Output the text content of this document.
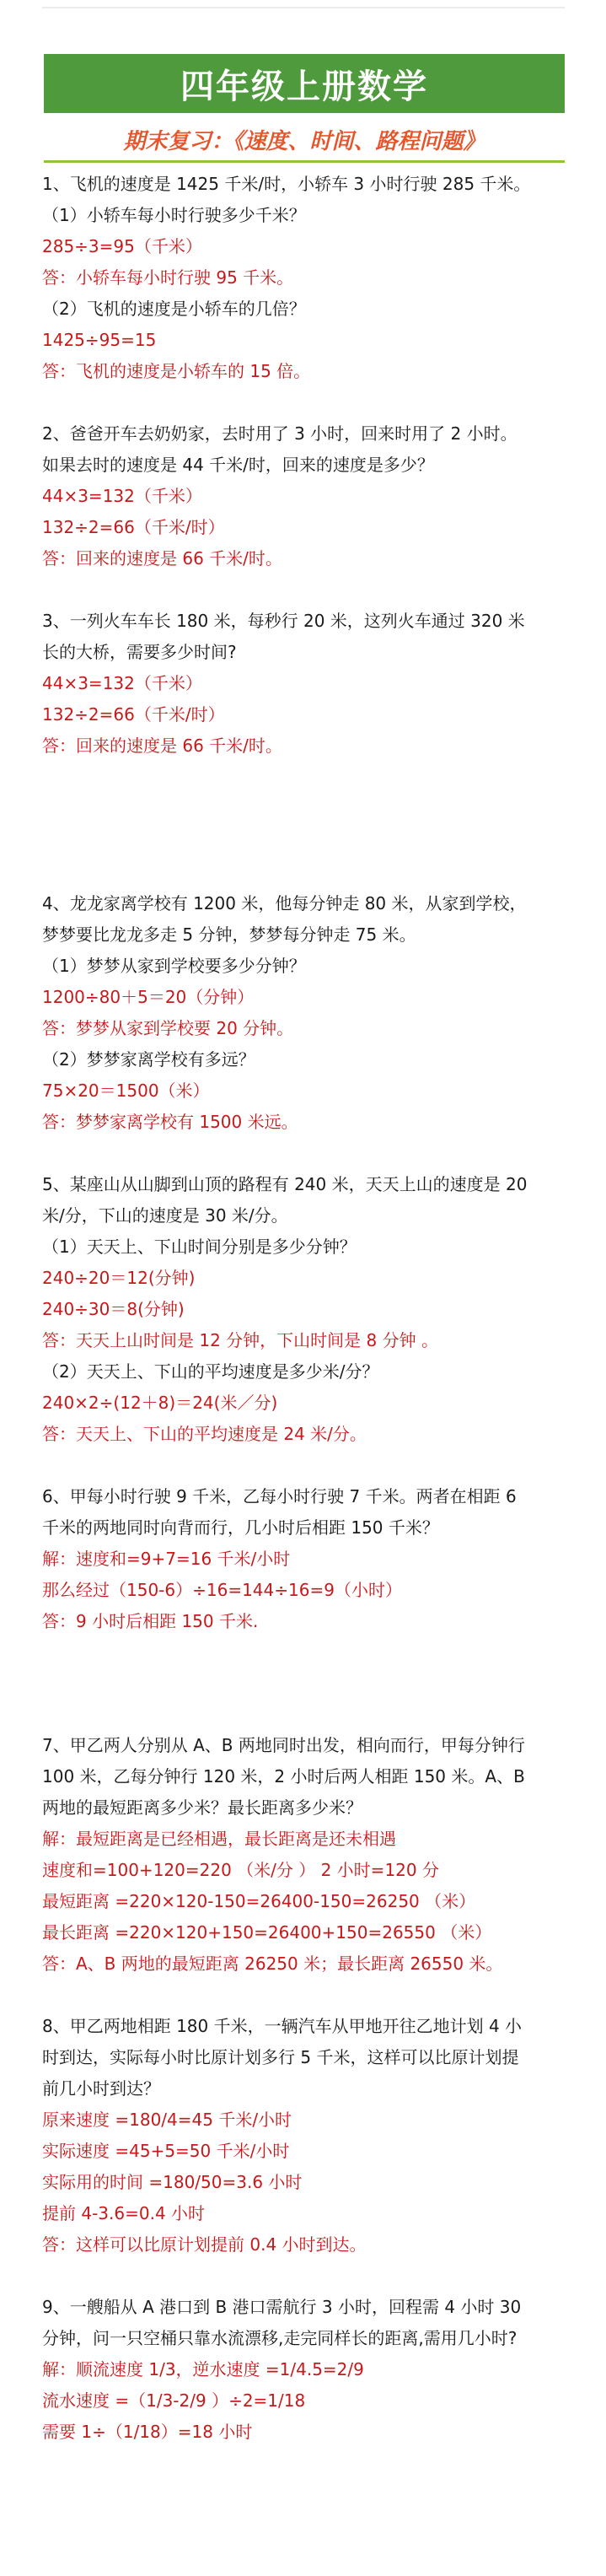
四年级上册数学
期末复习：《速度、时间、路程问题》
1、飞机的速度是 1425 千米/时，小轿车 3 小时行驶 285 千米。
（1）小轿车每小时行驶多少千米？
285÷3=95（千米）
答：小轿车每小时行驶 95 千米。
（2）飞机的速度是小轿车的几倍？
1425÷95=15
答：飞机的速度是小轿车的 15 倍。
2、爸爸开车去奶奶家，去时用了 3 小时，回来时用了 2 小时。
如果去时的速度是 44 千米/时，回来的速度是多少？
44×3=132（千米）
132÷2=66（千米/时）
答：回来的速度是 66 千米/时。
3、一列火车车长 180 米，每秒行 20 米，这列火车通过 320 米
长的大桥，需要多少时间?
44×3=132（千米）
132÷2=66（千米/时）
答：回来的速度是 66 千米/时。
4、龙龙家离学校有 1200 米，他每分钟走 80 米，从家到学校，
梦梦要比龙龙多走 5 分钟，梦梦每分钟走 75 米。
（1）梦梦从家到学校要多少分钟？
1200÷80＋5＝20（分钟）
答：梦梦从家到学校要 20 分钟。
（2）梦梦家离学校有多远？
75×20＝1500（米）
答：梦梦家离学校有 1500 米远。
5、某座山从山脚到山顶的路程有 240 米，天天上山的速度是 20
米/分，下山的速度是 30 米/分。
（1）天天上、下山时间分别是多少分钟？
240÷20＝12(分钟)
240÷30＝8(分钟)
答：天天上山时间是 12 分钟，下山时间是 8 分钟 。
（2）天天上、下山的平均速度是多少米/分？
240×2÷(12＋8)＝24(米／分)
答：天天上、下山的平均速度是 24 米/分。
6、甲每小时行驶 9 千米，乙每小时行驶 7 千米。两者在相距 6
千米的两地同时向背而行，几小时后相距 150 千米？
解：速度和=9+7=16 千米/小时
那么经过（150-6）÷16=144÷16=9（小时）
答：9 小时后相距 150 千米.
7、甲乙两人分别从 A、B 两地同时出发，相向而行，甲每分钟行
100 米，乙每分钟行 120 米，2 小时后两人相距 150 米。A、B
两地的最短距离多少米？最长距离多少米？
解：最短距离是已经相遇，最长距离是还未相遇
速度和=100+120=220 （米/分 ） 2 小时=120 分
最短距离 =220×120-150=26400-150=26250 （米）
最长距离 =220×120+150=26400+150=26550 （米）
答：A、B 两地的最短距离 26250 米；最长距离 26550 米。
8、甲乙两地相距 180 千米，一辆汽车从甲地开往乙地计划 4 小
时到达，实际每小时比原计划多行 5 千米，这样可以比原计划提
前几小时到达？
原来速度 =180/4=45 千米/小时
实际速度 =45+5=50 千米/小时
实际用的时间 =180/50=3.6 小时
提前 4-3.6=0.4 小时
答：这样可以比原计划提前 0.4 小时到达。
9、一艘船从 A 港口到 B 港口需航行 3 小时，回程需 4 小时 30
分钟，问一只空桶只靠水流漂移,走完同样长的距离,需用几小时?
解：顺流速度 1/3，逆水速度 =1/4.5=2/9
流水速度 =（1/3-2/9 ）÷2=1/18
需要 1÷（1/18）=18 小时
